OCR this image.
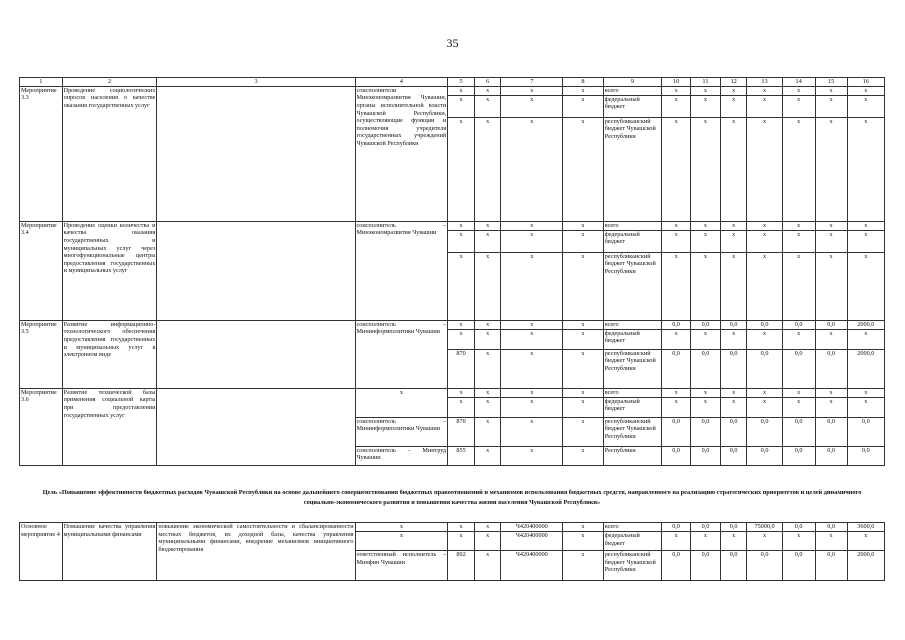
35
1	2	3	4	5	6	7	8	9	10	11	12	13	14	15	16
Мероприятие 3.3	Проведение социологических опросов населения о качестве оказания государственных услуг		соисполнители Минэкономразвития Чувашии, органы исполнительной власти Чувашской Республики, осуществляющие функции и полномочия учредителя государственных учреждений Чувашской Республики	x	x	x	x	всего	x	x	x	x	x	x	x
				x	x	x	x	федеральный бюджет	x	x	x	x	x	x	x
				x	x	x	x	республиканский бюджет Чувашской Республики	x	x	x	x	x	x	x
Мероприятие 3.4	Проведение оценки количества и качества оказания государственных и муниципальных услуг через многофункциональные центры предоставления государственных и муниципальных услуг		соисполнитель – Минэкономразвития Чувашии	x	x	x	x	всего	x	x	x	x	x	x	x
				x	x	x	x	федеральный бюджет	x	x	x	x	x	x	x
				x	x	x	x	республиканский бюджет Чувашской Республики	x	x	x	x	x	x	x
Мероприятие 3.5	Развитие информационно-технологического обеспечения предоставления государственных и муниципальных услуг в электронном виде		соисполнитель – Мининформполитики Чувашии	x	x	x	x	всего	0,0	0,0	0,0	0,0	0,0	0,0	2000,0
				x	x	x	x	федеральный бюджет	x	x	x	x	x	x	x
				870	x	x	x	республиканский бюджет Чувашской Республики	0,0	0,0	0,0	0,0	0,0	0,0	2000,0
Мероприятие 3.6	Развитие технической базы применения социальной карты при предоставлении государственных услуг		x	x	x	x	x	всего	x	x	x	x	x	x	x
				x	x	x	x	федеральный бюджет	x	x	x	x	x	x	x
			соисполнитель – Мининформполитики Чувашии	870	x	x	x	республиканский бюджет Чувашской Республики	0,0	0,0	0,0	0,0	0,0	0,0	0,0
			соисполнитель – Минтруд Чувашии	855	x	x	x	Республики	0,0	0,0	0,0	0,0	0,0	0,0	0,0
Цель «Повышение эффективности бюджетных расходов Чувашской Республики на основе дальнейшего совершенствования бюджетных правоотношений и механизмов использования бюджетных средств, направленного на реализацию стратегических приоритетов и целей динамичного социально-экономического развития и повышения качества жизни населения Чувашской Республики»															
Основное мероприятие 4	Повышение качества управления муниципальными финансами	повышение экономической самостоятельности и сбалансированности местных бюджетов, их доходной базы, качества управления муниципальными финансами, внедрение механизмов инициативного бюджетирования	x	x	x	Ч420400000	x	всего	0,0	0,0	0,0	75000,0	0,0	0,0	3600,0
			x	x	x	Ч420400000	x	федеральный бюджет	x	x	x	x	x	x	x
			ответственный исполнитель – Минфин Чувашии	892	x	Ч420400000	x	республиканский бюджет Чувашской Республики	0,0	0,0	0,0	0,0	0,0	0,0	2000,0
